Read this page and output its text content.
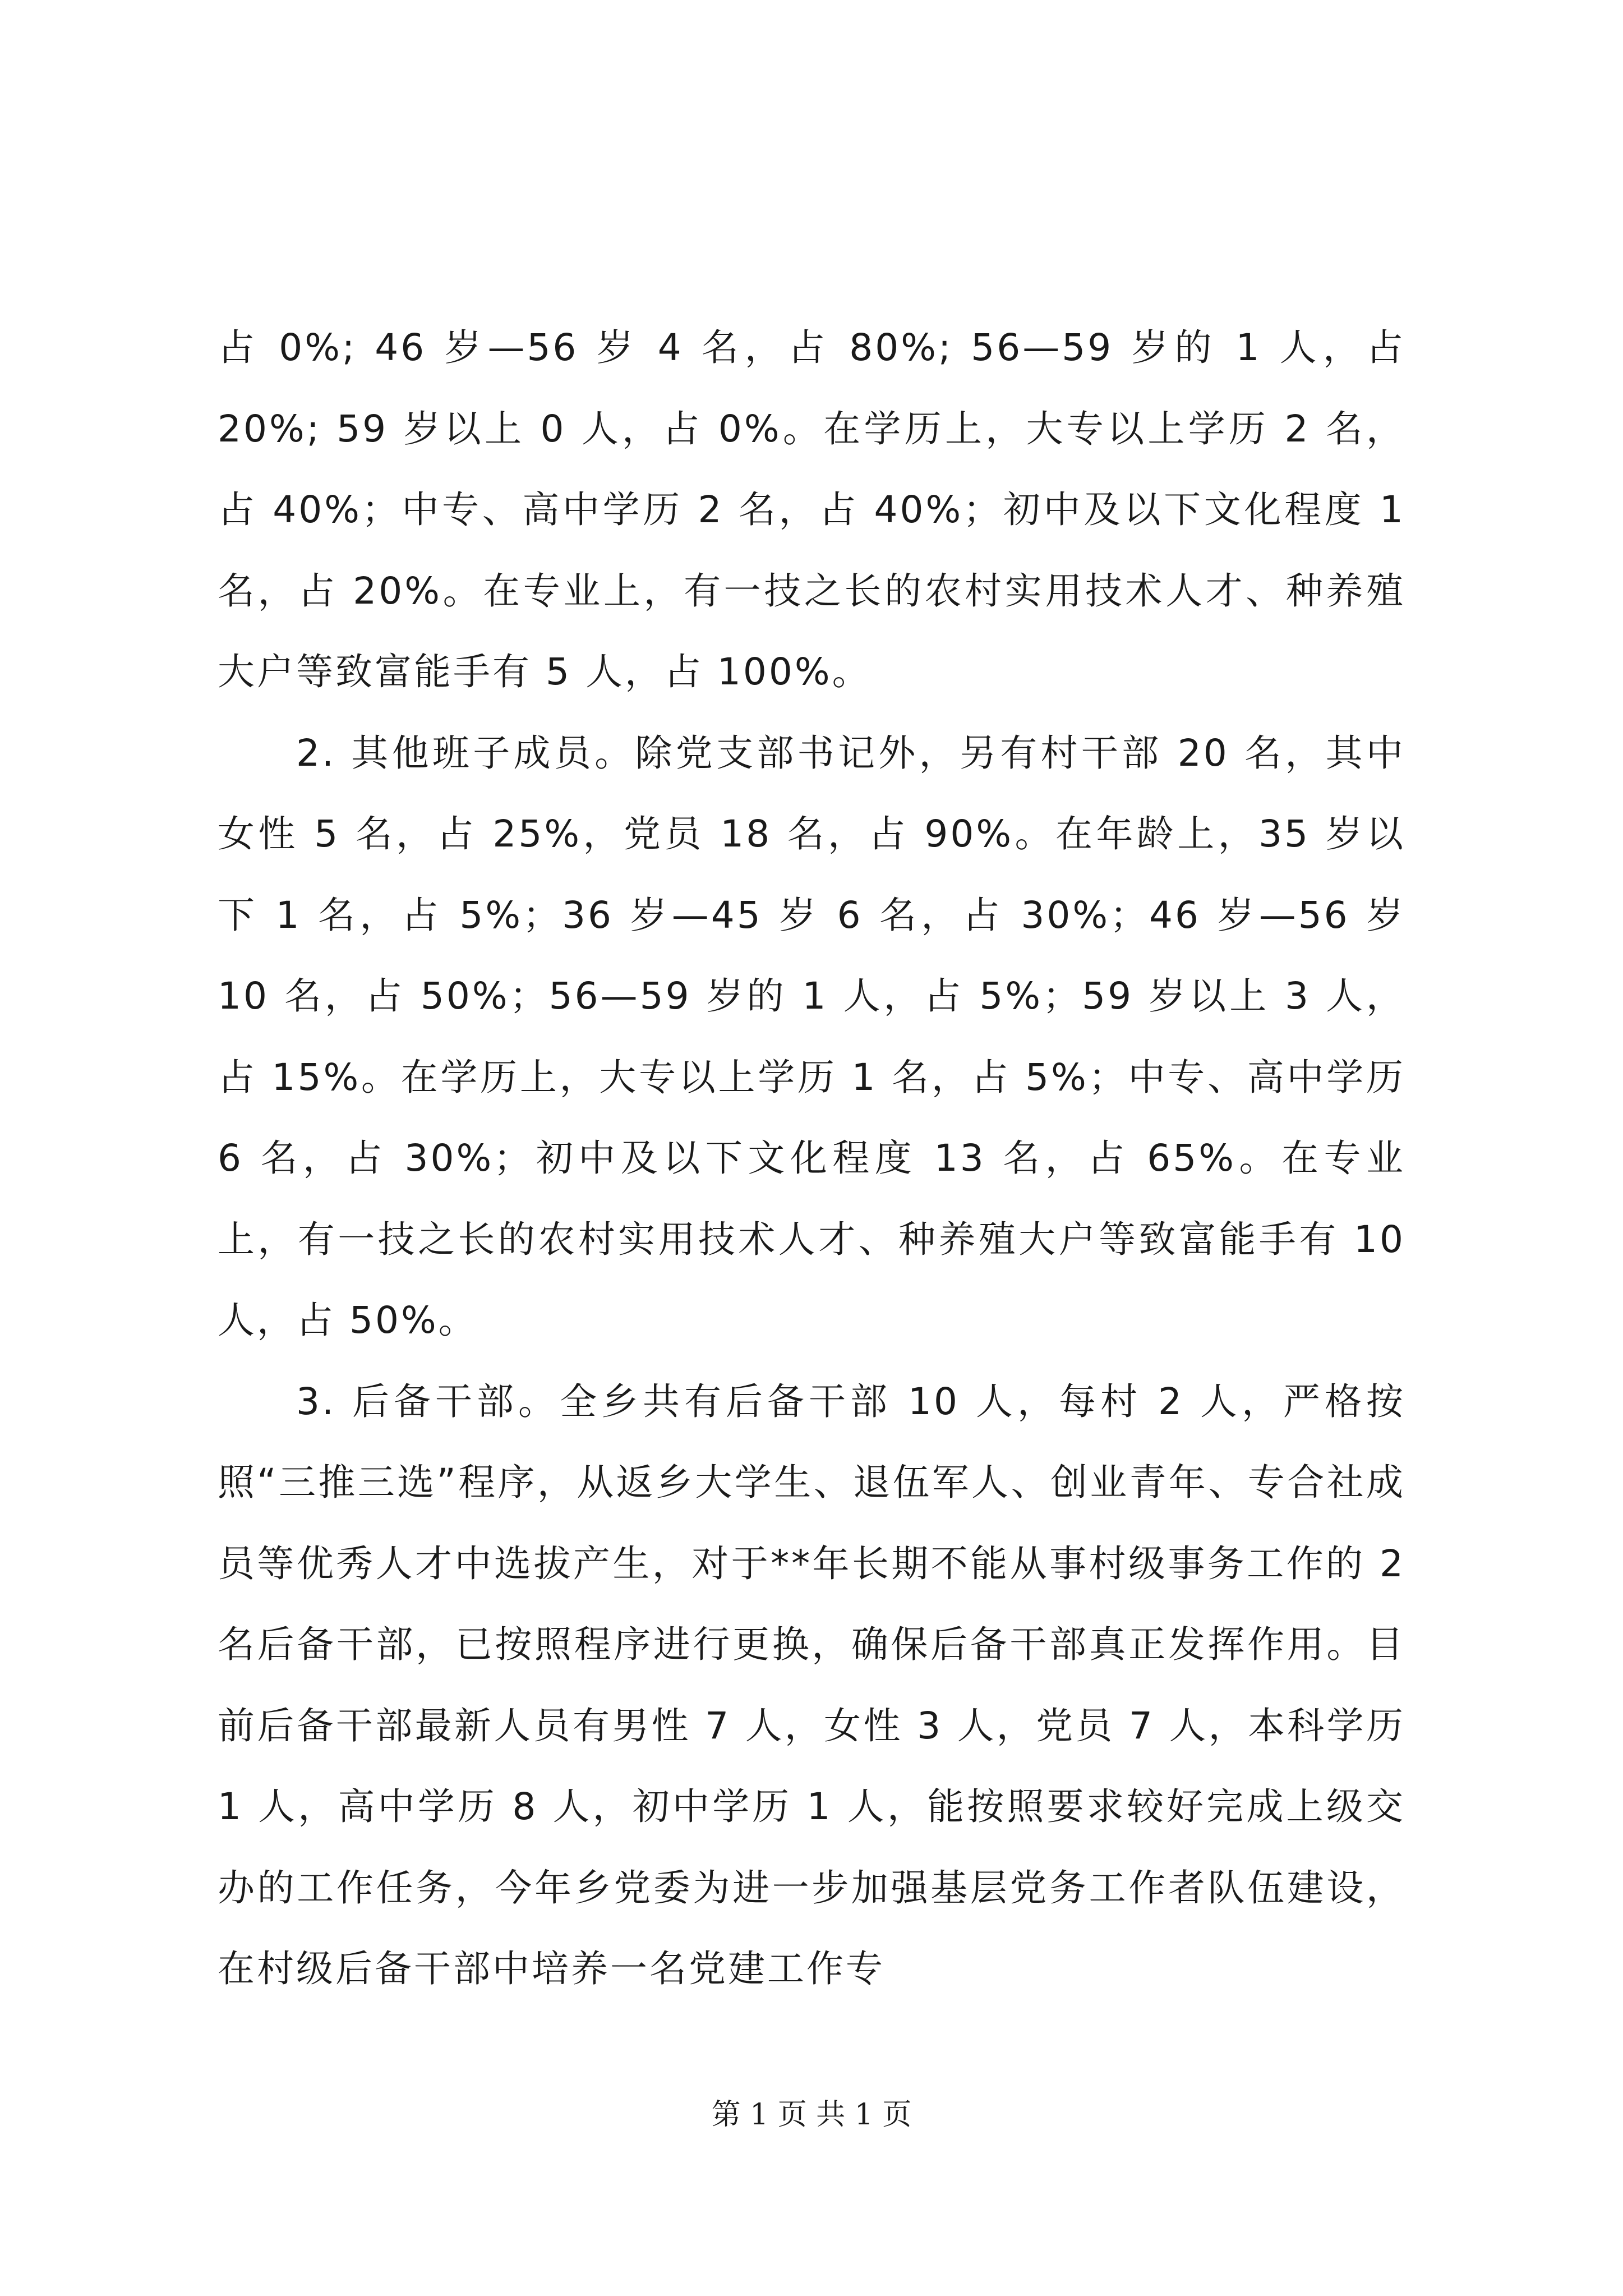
占 0%; 46 岁—56 岁 4 名，占 80%; 56—59 岁的 1 人，占 20%; 59 岁以上 0 人，占 0%。在学历上，大专以上学历 2 名，占 40%；中专、高中学历 2 名，占 40%；初中及以下文化程度 1 名，占 20%。在专业上，有一技之长的农村实用技术人才、种养殖大户等致富能手有 5 人，占 100%。

2. 其他班子成员。除党支部书记外，另有村干部 20 名，其中女性 5 名，占 25%，党员 18 名，占 90%。在年龄上，35 岁以下 1 名，占 5%；36 岁—45 岁 6 名，占 30%；46 岁—56 岁 10 名，占 50%；56—59 岁的 1 人，占 5%；59 岁以上 3 人，占 15%。在学历上，大专以上学历 1 名，占 5%；中专、高中学历 6 名，占 30%；初中及以下文化程度 13 名，占 65%。在专业上，有一技之长的农村实用技术人才、种养殖大户等致富能手有 10 人，占 50%。

3. 后备干部。全乡共有后备干部 10 人，每村 2 人，严格按照“三推三选”程序，从返乡大学生、退伍军人、创业青年、专合社成员等优秀人才中选拔产生，对于**年长期不能从事村级事务工作的 2 名后备干部，已按照程序进行更换，确保后备干部真正发挥作用。目前后备干部最新人员有男性 7 人，女性 3 人，党员 7 人，本科学历 1 人，高中学历 8 人，初中学历 1 人，能按照要求较好完成上级交办的工作任务，今年乡党委为进一步加强基层党务工作者队伍建设，在村级后备干部中培养一名党建工作专

第 1 页 共 1 页
